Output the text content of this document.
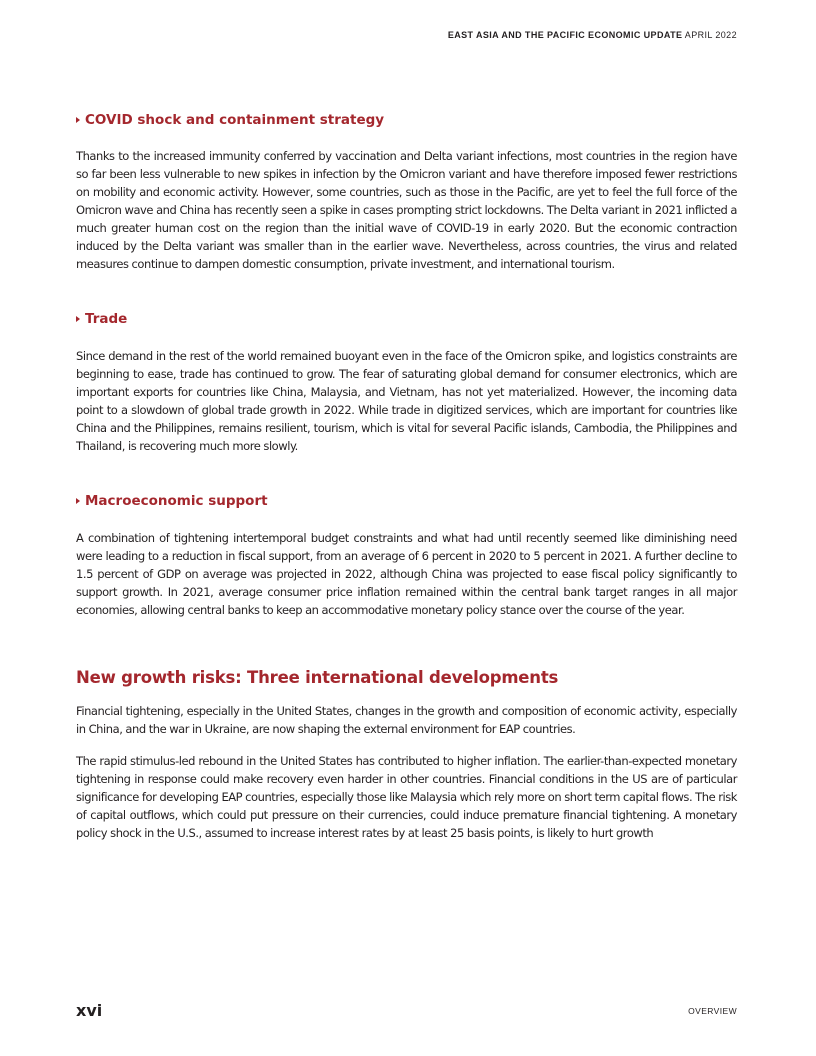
EAST ASIA AND THE PACIFIC ECONOMIC UPDATE APRIL 2022
COVID shock and containment strategy

Thanks to the increased immunity conferred by vaccination and Delta variant infections, most countries in the region have so far been less vulnerable to new spikes in infection by the Omicron variant and have therefore imposed fewer restrictions on mobility and economic activity. However, some countries, such as those in the Pacific, are yet to feel the full force of the Omicron wave and China has recently seen a spike in cases prompting strict lockdowns. The Delta variant in 2021 inflicted a much greater human cost on the region than the initial wave of COVID-19 in early 2020. But the economic contraction induced by the Delta variant was smaller than in the earlier wave. Nevertheless, across countries, the virus and related measures continue to dampen domestic consumption, private investment, and international tourism.

Trade

Since demand in the rest of the world remained buoyant even in the face of the Omicron spike, and logistics constraints are beginning to ease, trade has continued to grow. The fear of saturating global demand for consumer electronics, which are important exports for countries like China, Malaysia, and Vietnam, has not yet materialized. However, the incoming data point to a slowdown of global trade growth in 2022. While trade in digitized services, which are important for countries like China and the Philippines, remains resilient, tourism, which is vital for several Pacific islands, Cambodia, the Philippines and Thailand, is recovering much more slowly.

Macroeconomic support

A combination of tightening intertemporal budget constraints and what had until recently seemed like diminishing need were leading to a reduction in fiscal support, from an average of 6 percent in 2020 to 5 percent in 2021. A further decline to 1.5 percent of GDP on average was projected in 2022, although China was projected to ease fiscal policy significantly to support growth. In 2021, average consumer price inflation remained within the central bank target ranges in all major economies, allowing central banks to keep an accommodative monetary policy stance over the course of the year.

New growth risks: Three international developments

Financial tightening, especially in the United States, changes in the growth and composition of economic activity, especially in China, and the war in Ukraine, are now shaping the external environment for EAP countries.

The rapid stimulus-led rebound in the United States has contributed to higher inflation. The earlier-than-expected monetary tightening in response could make recovery even harder in other countries. Financial conditions in the US are of particular significance for developing EAP countries, especially those like Malaysia which rely more on short term capital flows. The risk of capital outflows, which could put pressure on their currencies, could induce premature financial tightening. A monetary policy shock in the U.S., assumed to increase interest rates by at least 25 basis points, is likely to hurt growth

xvi	OVERVIEW
